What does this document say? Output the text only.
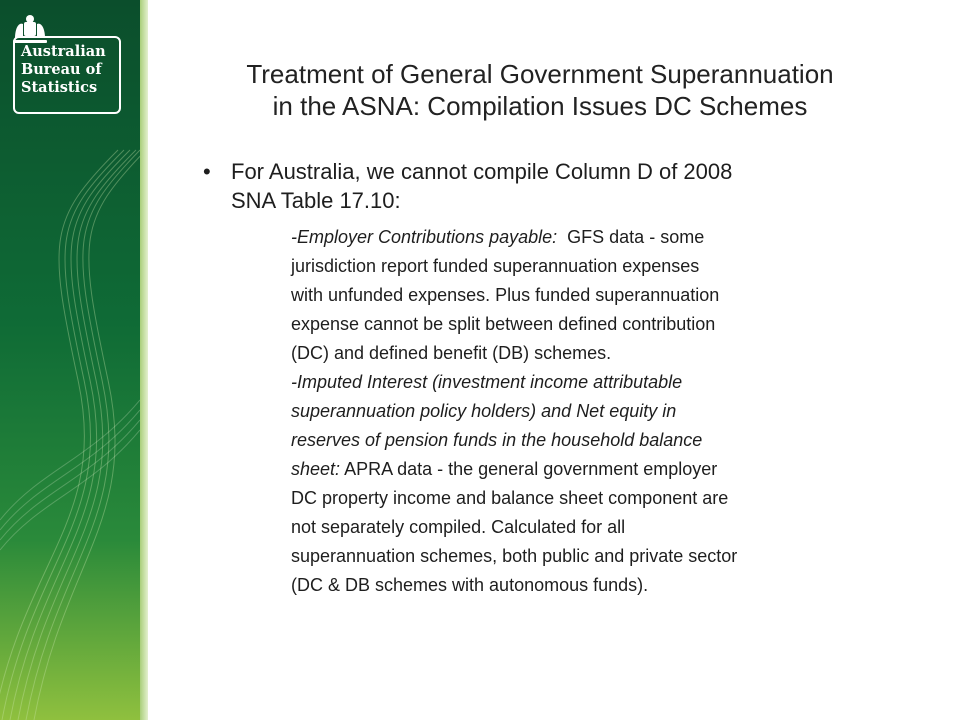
Australian
Bureau of
Statistics	Treatment of General Government Superannuation
in the ASNA: Compilation Issues DC Schemes
• For Australia, we cannot compile Column D of 2008
SNA Table 17.10:
-Employer Contributions payable: GFS data - some
jurisdiction report funded superannuation expenses
with unfunded expenses. Plus funded superannuation
expense cannot be split between defined contribution
(DC) and defined benefit (DB) schemes.
-Imputed Interest (investment income attributable
superannuation policy holders) and Net equity in
reserves of pension funds in the household balance
sheet: APRA data - the general government employer
DC property income and balance sheet component are
not separately compiled. Calculated for all
superannuation schemes, both public and private sector
(DC & DB schemes with autonomous funds).
